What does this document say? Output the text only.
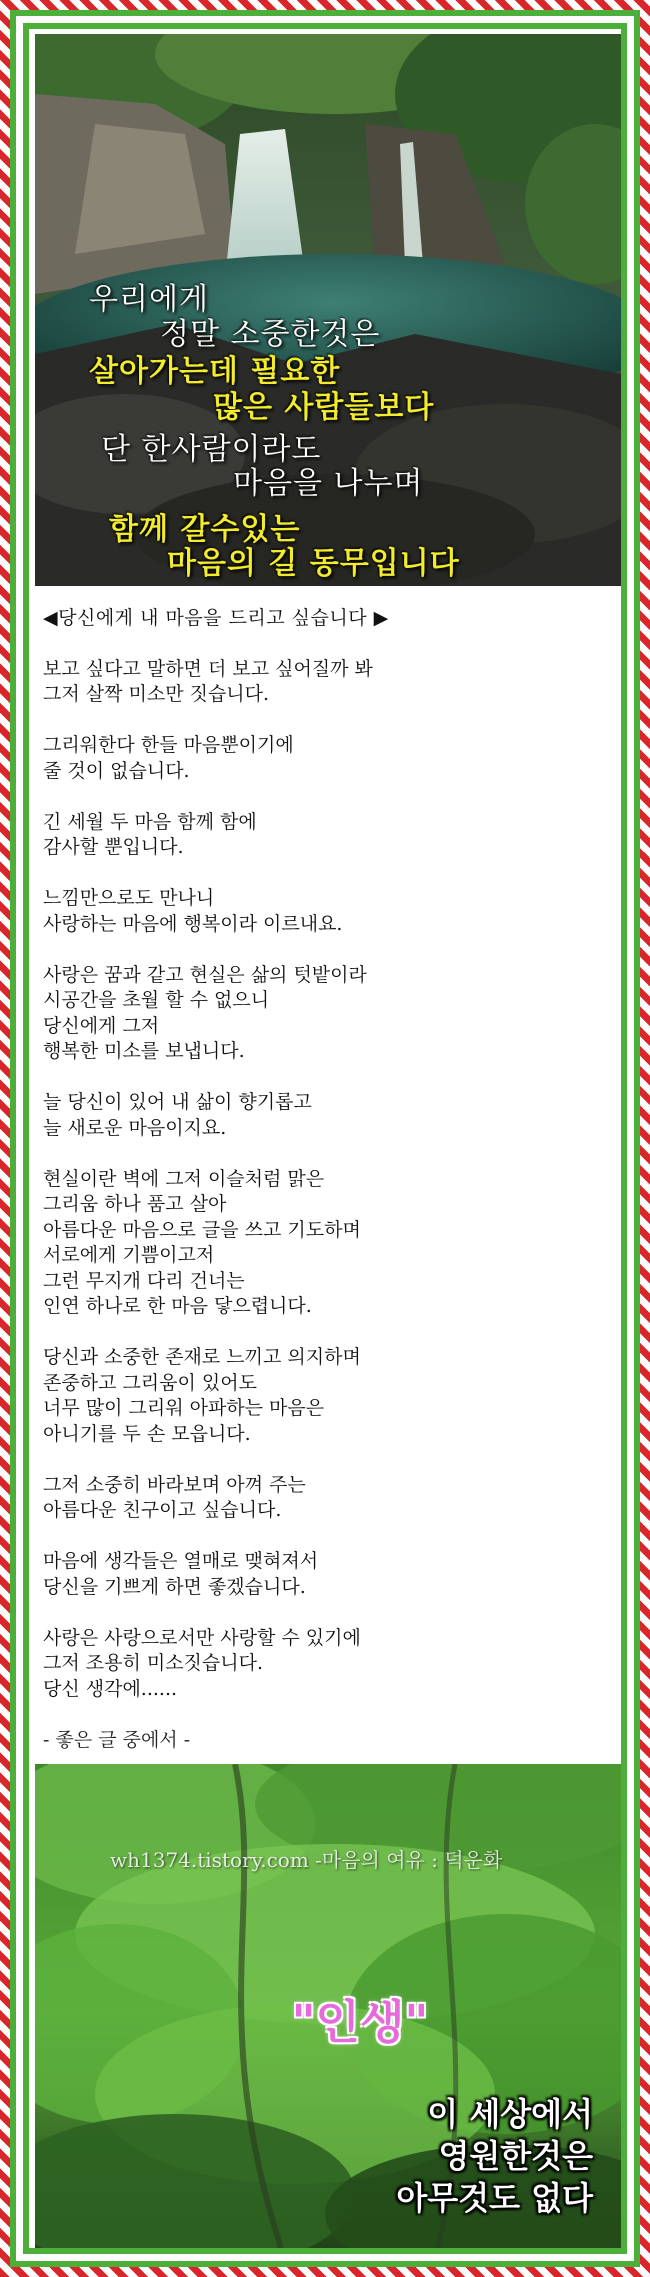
우리에게
정말 소중한것은
살아가는데 필요한
많은 사람들보다
단 한사람이라도
마음을 나누며
함께 갈수있는
마음의 길 동무입니다
◀당신에게 내 마음을 드리고 싶습니다 ▶
보고 싶다고 말하면 더 보고 싶어질까 봐
그저 살짝 미소만 짓습니다.
그리워한다 한들 마음뿐이기에
줄 것이 없습니다.
긴 세월 두 마음 함께 함에
감사할 뿐입니다.
느낌만으로도 만나니
사랑하는 마음에 행복이라 이르내요.
사랑은 꿈과 같고 현실은 삶의 텃밭이라
시공간을 초월 할 수 없으니
당신에게 그저
행복한 미소를 보냅니다.
늘 당신이 있어 내 삶이 향기롭고
늘 새로운 마음이지요.
현실이란 벽에 그저 이슬처럼 맑은
그리움 하나 품고 살아
아름다운 마음으로 글을 쓰고 기도하며
서로에게 기쁨이고저
그런 무지개 다리 건너는
인연 하나로 한 마음 닿으렵니다.
당신과 소중한 존재로 느끼고 의지하며
존중하고 그리움이 있어도
너무 많이 그리워 아파하는 마음은
아니기를 두 손 모읍니다.
그저 소중히 바라보며 아껴 주는
아름다운 친구이고 싶습니다.
마음에 생각들은 열매로 맺혀져서
당신을 기쁘게 하면 좋겠습니다.
사랑은 사랑으로서만 사랑할 수 있기에
그저 조용히 미소짓습니다.
당신 생각에......
- 좋은 글 중에서 -
wh1374.tistory.com -마음의 여유 : 덕운화
"인생"
이 세상에서
영원한것은
아무것도 없다
